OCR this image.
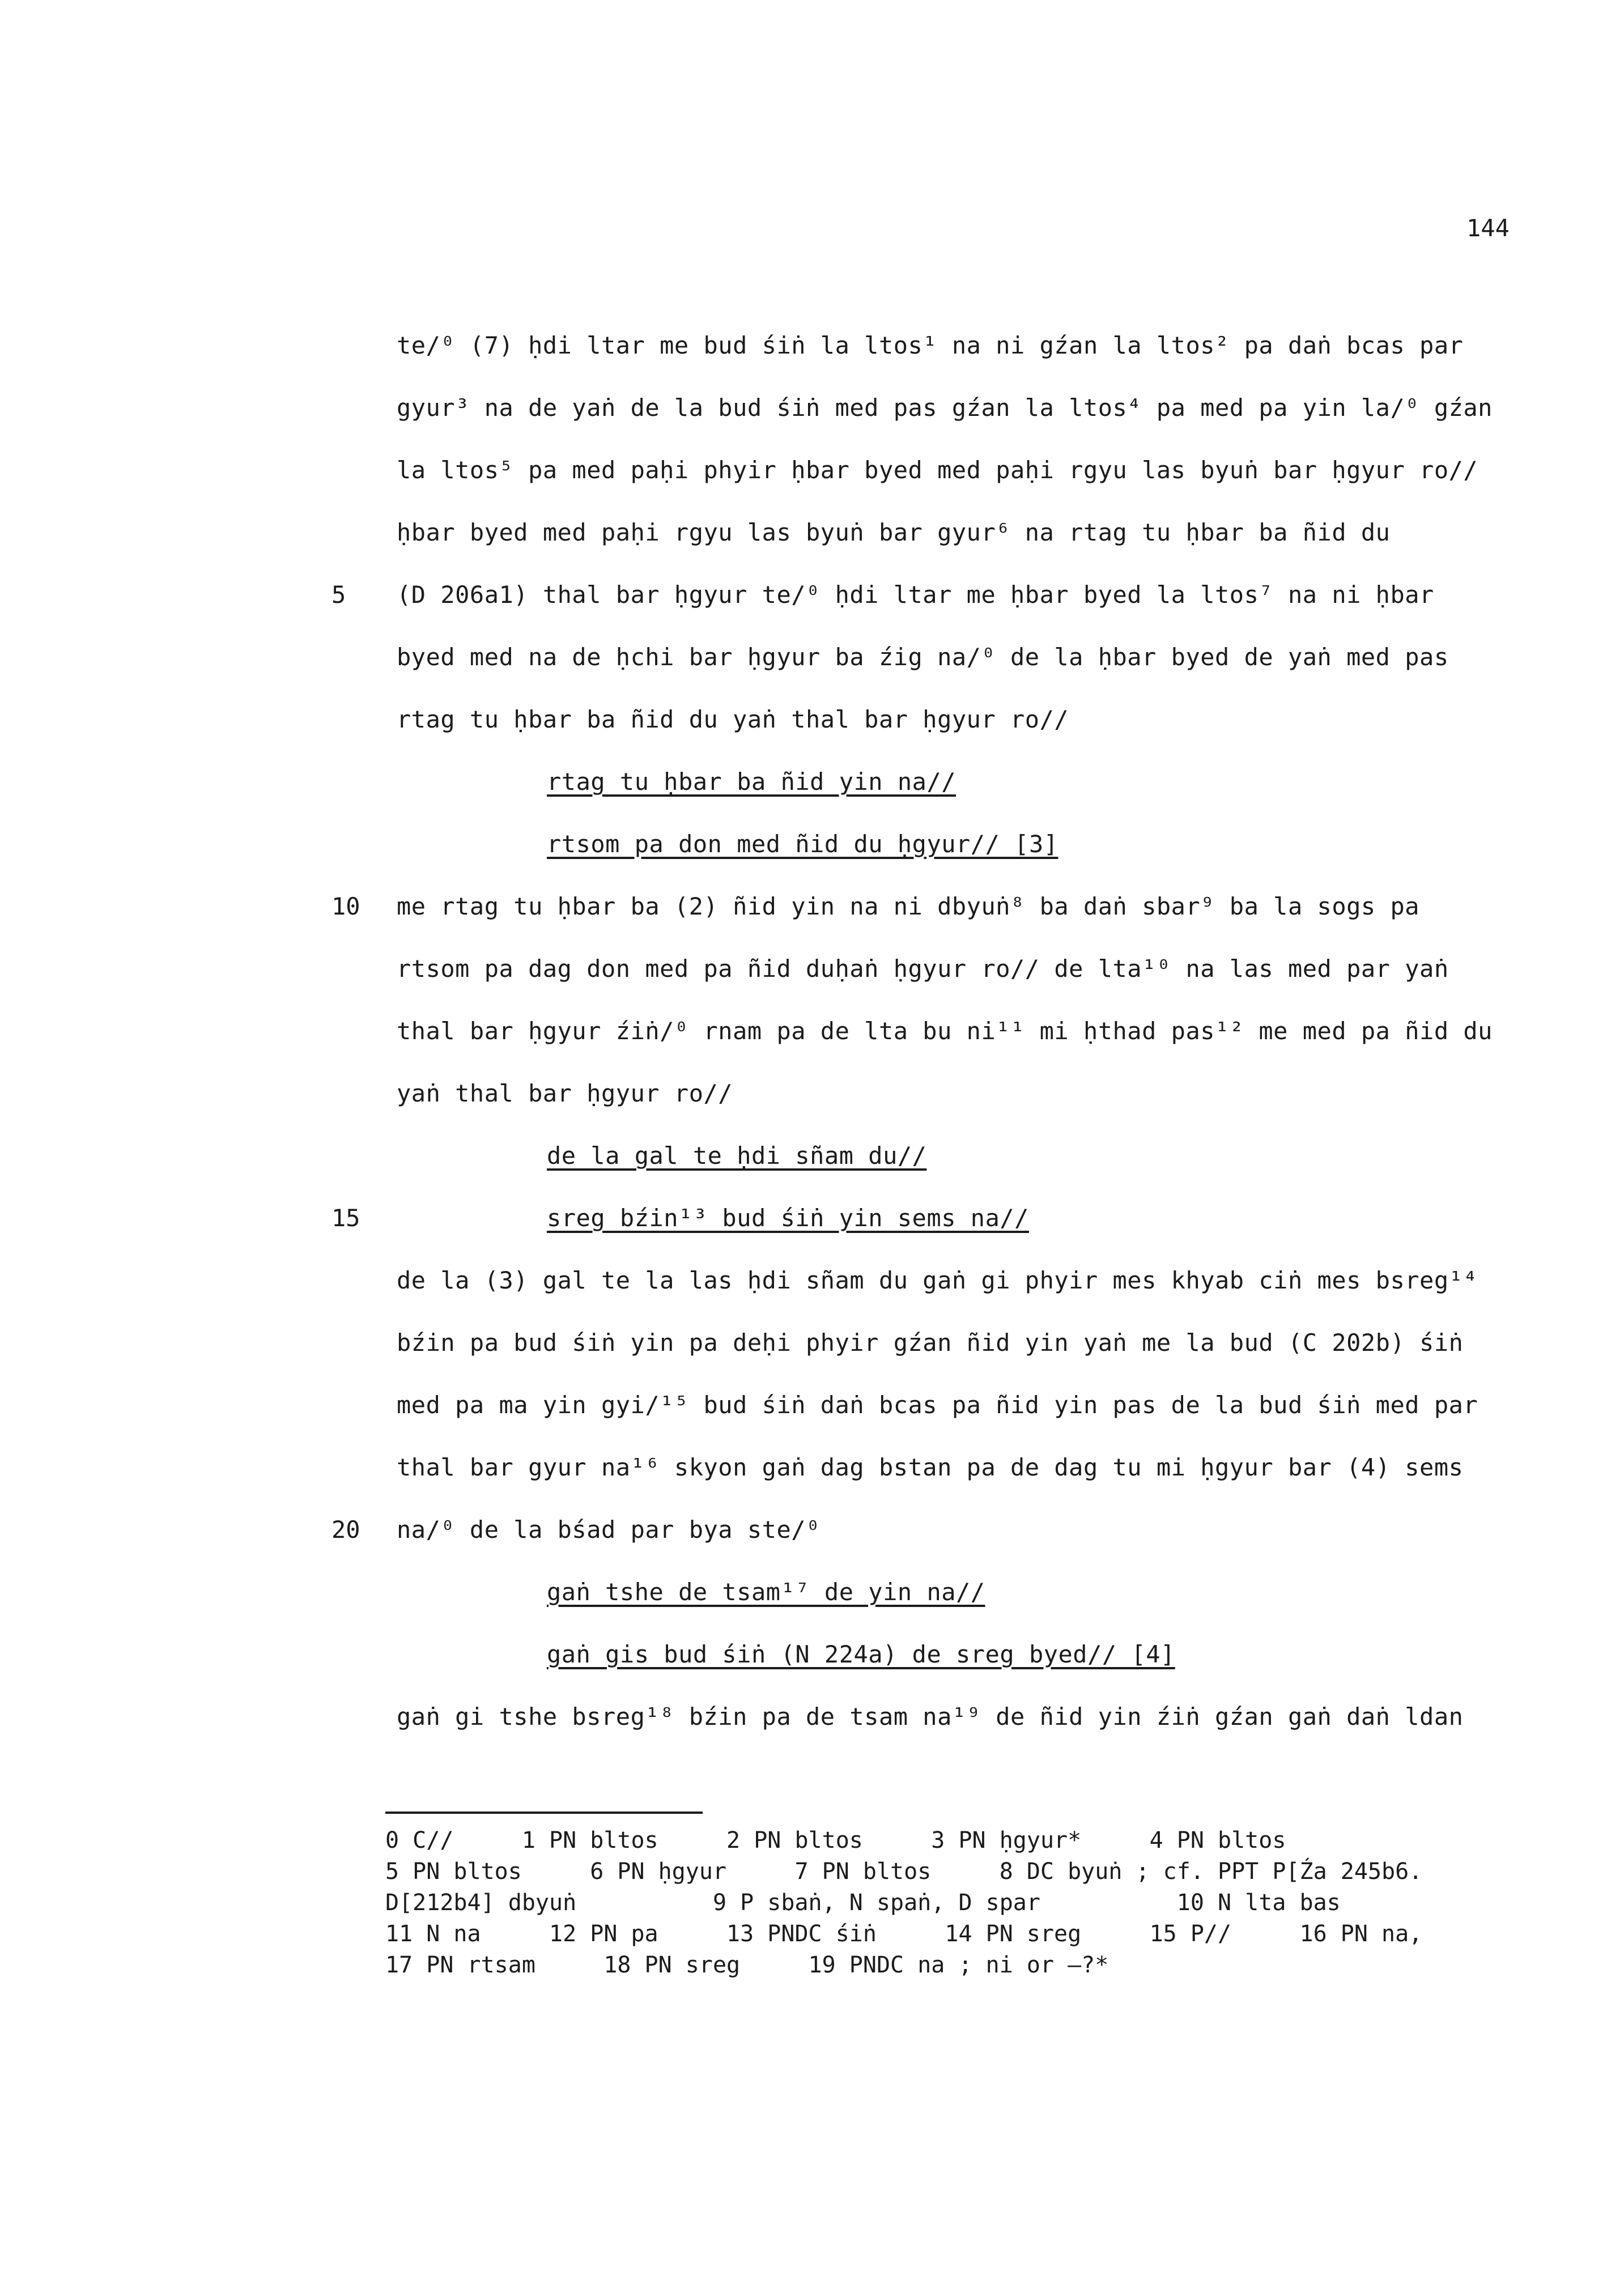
144
te/⁰ (7) ḥdi ltar me bud śiṅ la ltos¹ na ni gźan la ltos² pa daṅ bcas par
gyur³ na de yaṅ de la bud śiṅ med pas gźan la ltos⁴ pa med pa yin la/⁰ gźan
la ltos⁵ pa med paḥi phyir ḥbar byed med paḥi rgyu las byuṅ bar ḥgyur ro//
ḥbar byed med paḥi rgyu las byuṅ bar gyur⁶ na rtag tu ḥbar ba ñid du
(D 206a1) thal bar ḥgyur te/⁰ ḥdi ltar me ḥbar byed la ltos⁷ na ni ḥbar
byed med na de ḥchi bar ḥgyur ba źig na/⁰ de la ḥbar byed de yaṅ med pas
rtag tu ḥbar ba ñid du yaṅ thal bar ḥgyur ro//
rtag tu ḥbar ba ñid yin na//
rtsom pa don med ñid du ḥgyur// [3]
me rtag tu ḥbar ba (2) ñid yin na ni dbyuṅ⁸ ba daṅ sbar⁹ ba la sogs pa
rtsom pa dag don med pa ñid duḥaṅ ḥgyur ro// de lta¹⁰ na las med par yaṅ
thal bar ḥgyur źiṅ/⁰ rnam pa de lta bu ni¹¹ mi ḥthad pas¹² me med pa ñid du
yaṅ thal bar ḥgyur ro//
de la gal te ḥdi sñam du//
sreg bźin¹³ bud śiṅ yin sems na//
de la (3) gal te la las ḥdi sñam du gaṅ gi phyir mes khyab ciṅ mes bsreg¹⁴
bźin pa bud śiṅ yin pa deḥi phyir gźan ñid yin yaṅ me la bud (C 202b) śiṅ
med pa ma yin gyi/¹⁵ bud śiṅ daṅ bcas pa ñid yin pas de la bud śiṅ med par
thal bar gyur na¹⁶ skyon gaṅ dag bstan pa de dag tu mi ḥgyur bar (4) sems
na/⁰ de la bśad par bya ste/⁰
gaṅ tshe de tsam¹⁷ de yin na//
gaṅ gis bud śiṅ (N 224a) de sreg byed// [4]
gaṅ gi tshe bsreg¹⁸ bźin pa de tsam na¹⁹ de ñid yin źiṅ gźan gaṅ daṅ ldan
5
10
15
20
0 C//     1 PN bltos     2 PN bltos     3 PN ḥgyur*     4 PN bltos
5 PN bltos     6 PN ḥgyur     7 PN bltos     8 DC byuṅ ; cf. PPT P[Źa 245b6.
D[212b4] dbyuṅ          9 P sbaṅ, N spaṅ, D spar          10 N lta bas
11 N na     12 PN pa     13 PNDC śiṅ     14 PN sreg     15 P//     16 PN na,
17 PN rtsam     18 PN sreg     19 PNDC na ; ni or —?*
